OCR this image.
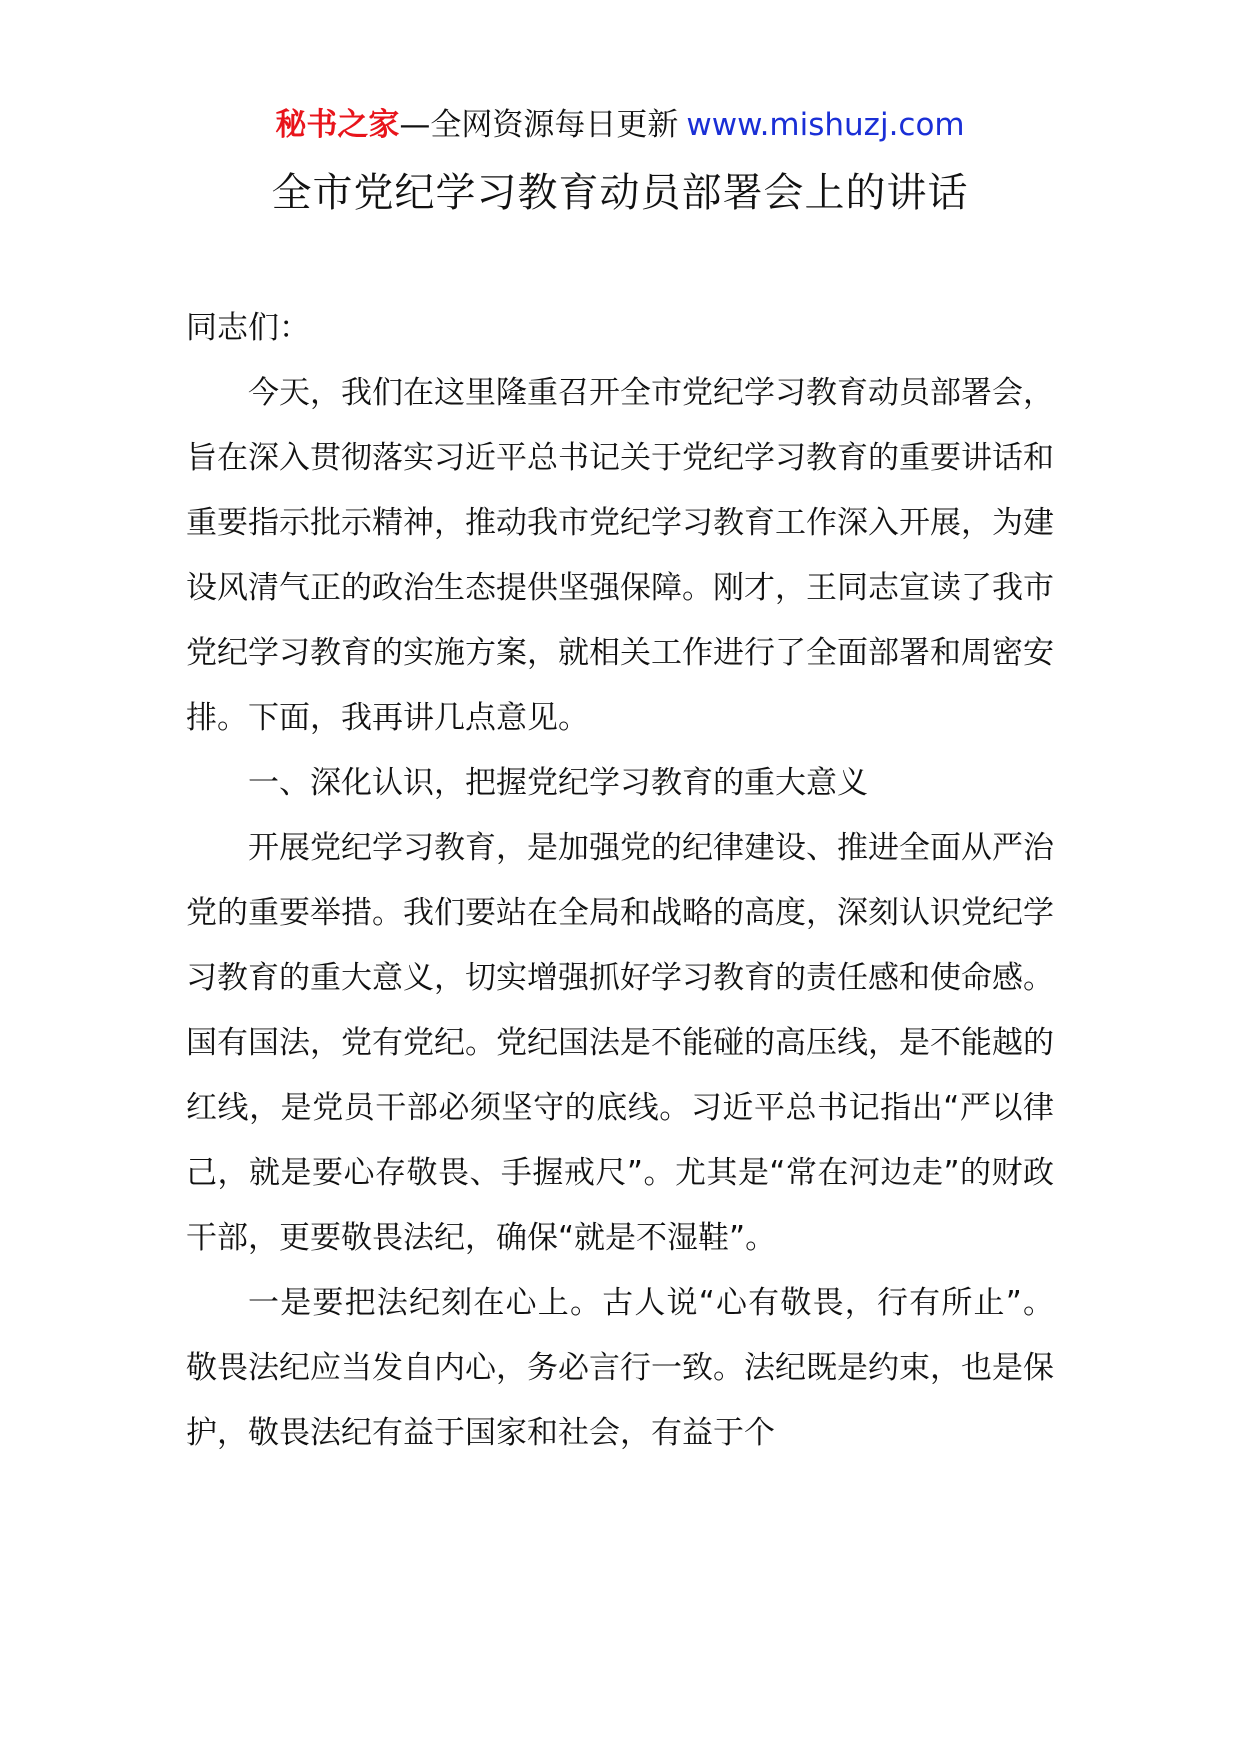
秘书之家—全网资源每日更新 www.mishuzj.com
全市党纪学习教育动员部署会上的讲话

同志们：

今天，我们在这里隆重召开全市党纪学习教育动员部署会，旨在深入贯彻落实习近平总书记关于党纪学习教育的重要讲话和重要指示批示精神，推动我市党纪学习教育工作深入开展，为建设风清气正的政治生态提供坚强保障。刚才，王同志宣读了我市党纪学习教育的实施方案，就相关工作进行了全面部署和周密安排。下面，我再讲几点意见。

一、深化认识，把握党纪学习教育的重大意义

开展党纪学习教育，是加强党的纪律建设、推进全面从严治党的重要举措。我们要站在全局和战略的高度，深刻认识党纪学习教育的重大意义，切实增强抓好学习教育的责任感和使命感。国有国法，党有党纪。党纪国法是不能碰的高压线，是不能越的红线，是党员干部必须坚守的底线。习近平总书记指出“严以律己，就是要心存敬畏、手握戒尺”。尤其是“常在河边走”的财政干部，更要敬畏法纪，确保“就是不湿鞋”。

一是要把法纪刻在心上。古人说“心有敬畏，行有所止”。敬畏法纪应当发自内心，务必言行一致。法纪既是约束，也是保护，敬畏法纪有益于国家和社会，有益于个
